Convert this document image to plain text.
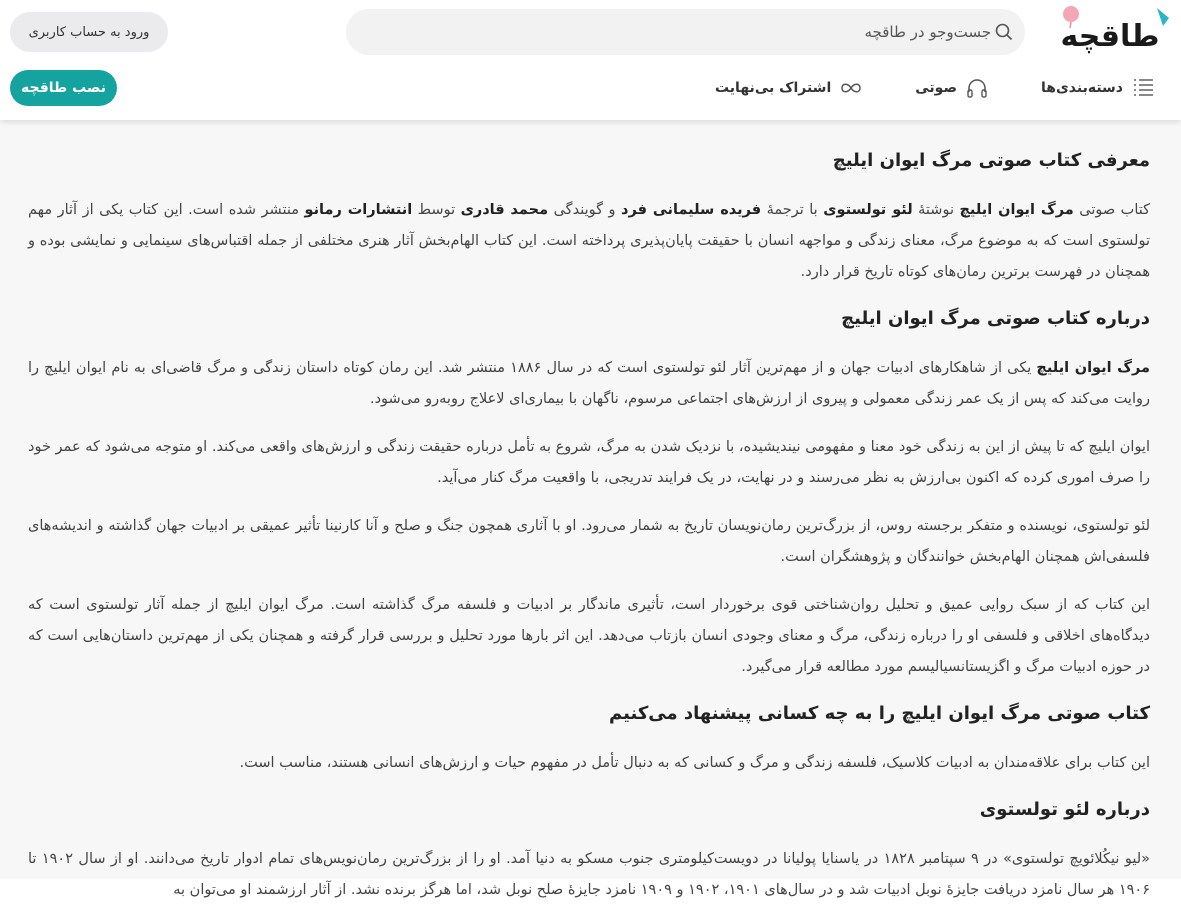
طاقچه
جست‌وجو در طاقچه
ورود به حساب کاربری
دسته‌بندی‌ها
صوتی
اشتراک بی‌نهایت
نصب طاقچه
معرفی کتاب صوتی مرگ ایوان ایلیچ

کتاب صوتی مرگ ایوان ایلیچ نوشتهٔ لئو تولستوی با ترجمهٔ فریده سلیمانی فرد و گویندگی محمد قادری توسط انتشارات رمانو منتشر شده است. این کتاب یکی از آثار مهم تولستوی است که به موضوع مرگ، معنای زندگی و مواجهه انسان با حقیقت پایان‌پذیری پرداخته است. این کتاب الهام‌بخش آثار هنری مختلفی از جمله اقتباس‌های سینمایی و نمایشی بوده و همچنان در فهرست برترین رمان‌های کوتاه تاریخ قرار دارد.

درباره کتاب صوتی مرگ ایوان ایلیچ

مرگ ایوان ایلیچ یکی از شاهکارهای ادبیات جهان و از مهم‌ترین آثار لئو تولستوی است که در سال ۱۸۸۶ منتشر شد. این رمان کوتاه داستان زندگی و مرگ قاضی‌ای به نام ایوان ایلیچ را روایت می‌کند که پس از یک عمر زندگی معمولی و پیروی از ارزش‌های اجتماعی مرسوم، ناگهان با بیماری‌ای لاعلاج روبه‌رو می‌شود.

ایوان ایلیچ که تا پیش از این به زندگی خود معنا و مفهومی نیندیشیده، با نزدیک شدن به مرگ، شروع به تأمل درباره حقیقت زندگی و ارزش‌های واقعی می‌کند. او متوجه می‌شود که عمر خود را صرف اموری کرده که اکنون بی‌ارزش به نظر می‌رسند و در نهایت، در یک فرایند تدریجی، با واقعیت مرگ کنار می‌آید.

لئو تولستوی، نویسنده و متفکر برجسته روس، از بزرگ‌ترین رمان‌نویسان تاریخ به شمار می‌رود. او با آثاری همچون جنگ و صلح و آنا کارنینا تأثیر عمیقی بر ادبیات جهان گذاشته و اندیشه‌های فلسفی‌اش همچنان الهام‌بخش خوانندگان و پژوهشگران است.

این کتاب که از سبک روایی عمیق و تحلیل روان‌شناختی قوی برخوردار است، تأثیری ماندگار بر ادبیات و فلسفه مرگ گذاشته است. مرگ ایوان ایلیچ از جمله آثار تولستوی است که دیدگاه‌های اخلاقی و فلسفی او را درباره زندگی، مرگ و معنای وجودی انسان بازتاب می‌دهد. این اثر بارها مورد تحلیل و بررسی قرار گرفته و همچنان یکی از مهم‌ترین داستان‌هایی است که در حوزه ادبیات مرگ و اگزیستانسیالیسم مورد مطالعه قرار می‌گیرد.

کتاب صوتی مرگ ایوان ایلیچ را به چه کسانی پیشنهاد می‌کنیم

این کتاب برای علاقه‌مندان به ادبیات کلاسیک، فلسفه زندگی و مرگ و کسانی که به دنبال تأمل در مفهوم حیات و ارزش‌های انسانی هستند، مناسب است.

درباره لئو تولستوی

«لیو نیکُلائویچ تولستوی» در ۹ سپتامبر ۱۸۲۸ در یاسنایا پولیانا در دویست‌کیلومتری جنوب مسکو به دنیا آمد. او را از بزرگ‌ترین رمان‌نویس‌های تمام ادوار تاریخ می‌دانند. او از سال ۱۹۰۲ تا ۱۹۰۶ هر سال نامزد دریافت جایزهٔ نوبل ادبیات شد و در سال‌های ۱۹۰۱، ۱۹۰۲ و ۱۹۰۹ نامزد جایزهٔ صلح نوبل شد، اما هرگز برنده نشد. از آثار ارزشمند او می‌توان به
